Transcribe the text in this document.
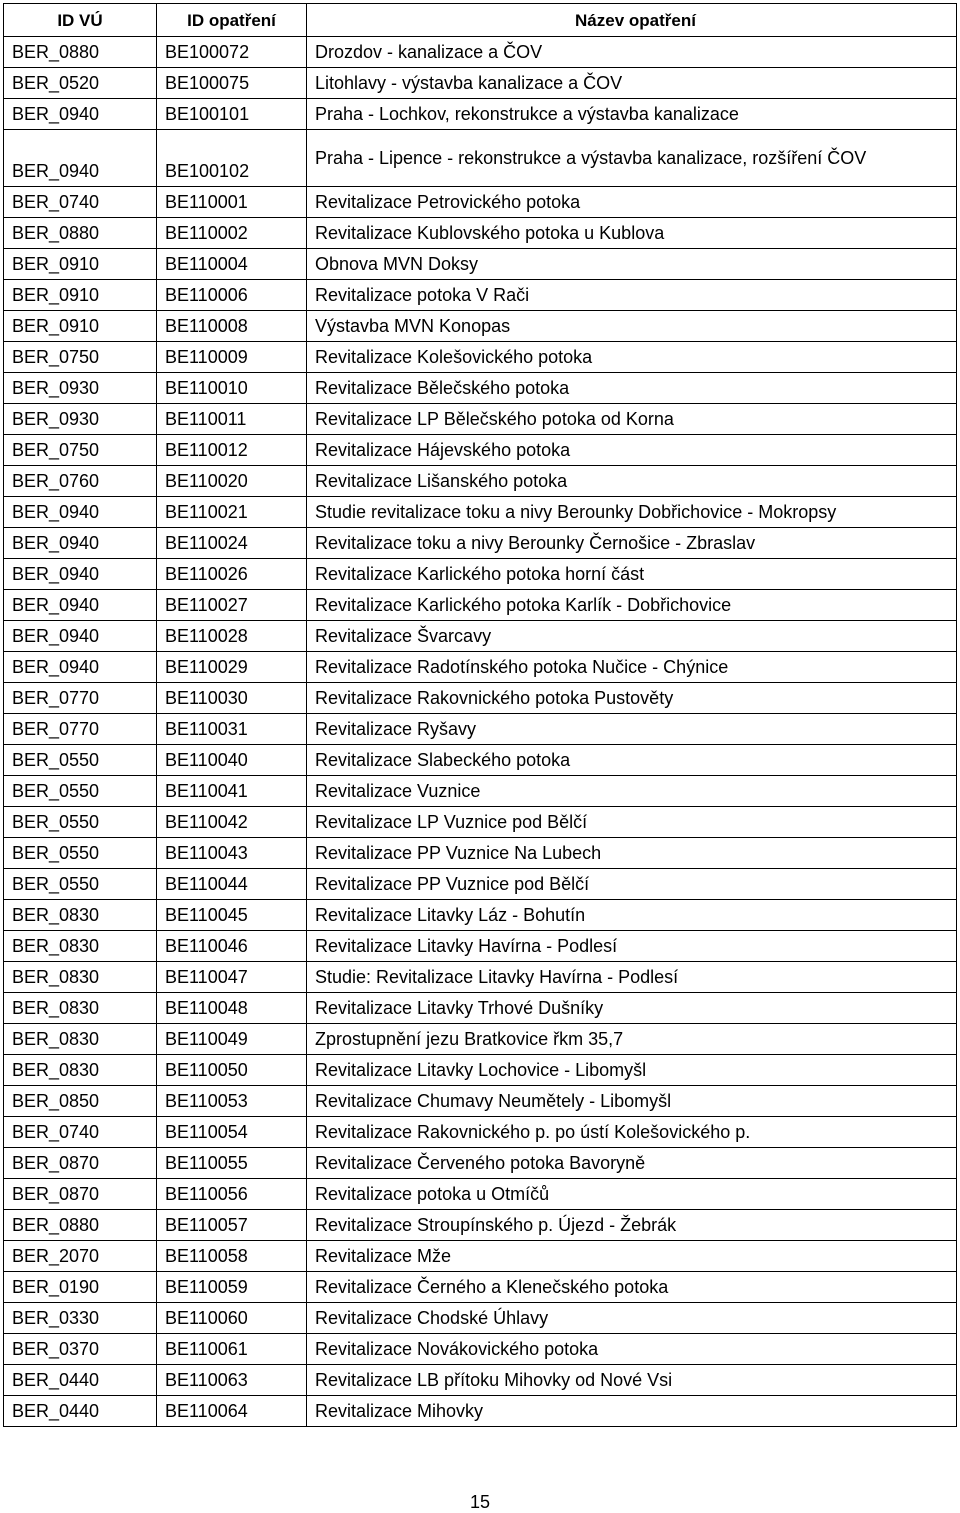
ID VÚ	ID opatření	Název opatření
BER_0880	BE100072	Drozdov - kanalizace a ČOV
BER_0520	BE100075	Litohlavy - výstavba kanalizace a ČOV
BER_0940	BE100101	Praha - Lochkov, rekonstrukce a výstavba kanalizace
BER_0940	BE100102	Praha - Lipence - rekonstrukce a výstavba kanalizace, rozšíření ČOV
BER_0740	BE110001	Revitalizace Petrovického potoka
BER_0880	BE110002	Revitalizace Kublovského potoka u Kublova
BER_0910	BE110004	Obnova MVN Doksy
BER_0910	BE110006	Revitalizace potoka V Rači
BER_0910	BE110008	Výstavba MVN Konopas
BER_0750	BE110009	Revitalizace Kolešovického potoka
BER_0930	BE110010	Revitalizace Bělečského potoka
BER_0930	BE110011	Revitalizace LP Bělečského potoka od Korna
BER_0750	BE110012	Revitalizace Hájevského potoka
BER_0760	BE110020	Revitalizace Lišanského potoka
BER_0940	BE110021	Studie revitalizace toku a nivy Berounky Dobřichovice - Mokropsy
BER_0940	BE110024	Revitalizace toku a nivy Berounky Černošice - Zbraslav
BER_0940	BE110026	Revitalizace Karlického potoka horní část
BER_0940	BE110027	Revitalizace Karlického potoka Karlík - Dobřichovice
BER_0940	BE110028	Revitalizace Švarcavy
BER_0940	BE110029	Revitalizace Radotínského potoka Nučice - Chýnice
BER_0770	BE110030	Revitalizace Rakovnického potoka Pustověty
BER_0770	BE110031	Revitalizace Ryšavy
BER_0550	BE110040	Revitalizace Slabeckého potoka
BER_0550	BE110041	Revitalizace Vuznice
BER_0550	BE110042	Revitalizace LP Vuznice pod Bělčí
BER_0550	BE110043	Revitalizace PP Vuznice Na Lubech
BER_0550	BE110044	Revitalizace PP Vuznice pod Bělčí
BER_0830	BE110045	Revitalizace Litavky Láz - Bohutín
BER_0830	BE110046	Revitalizace Litavky Havírna - Podlesí
BER_0830	BE110047	Studie: Revitalizace Litavky Havírna - Podlesí
BER_0830	BE110048	Revitalizace Litavky Trhové Dušníky
BER_0830	BE110049	Zprostupnění jezu Bratkovice řkm 35,7
BER_0830	BE110050	Revitalizace Litavky Lochovice - Libomyšl
BER_0850	BE110053	Revitalizace Chumavy Neumětely - Libomyšl
BER_0740	BE110054	Revitalizace Rakovnického p. po ústí Kolešovického p.
BER_0870	BE110055	Revitalizace Červeného potoka Bavoryně
BER_0870	BE110056	Revitalizace potoka u Otmíčů
BER_0880	BE110057	Revitalizace Stroupínského p. Újezd - Žebrák
BER_2070	BE110058	Revitalizace Mže
BER_0190	BE110059	Revitalizace Černého a Klenečského potoka
BER_0330	BE110060	Revitalizace Chodské Úhlavy
BER_0370	BE110061	Revitalizace Novákovického potoka
BER_0440	BE110063	Revitalizace LB přítoku Mihovky od Nové Vsi
BER_0440	BE110064	Revitalizace Mihovky
15
